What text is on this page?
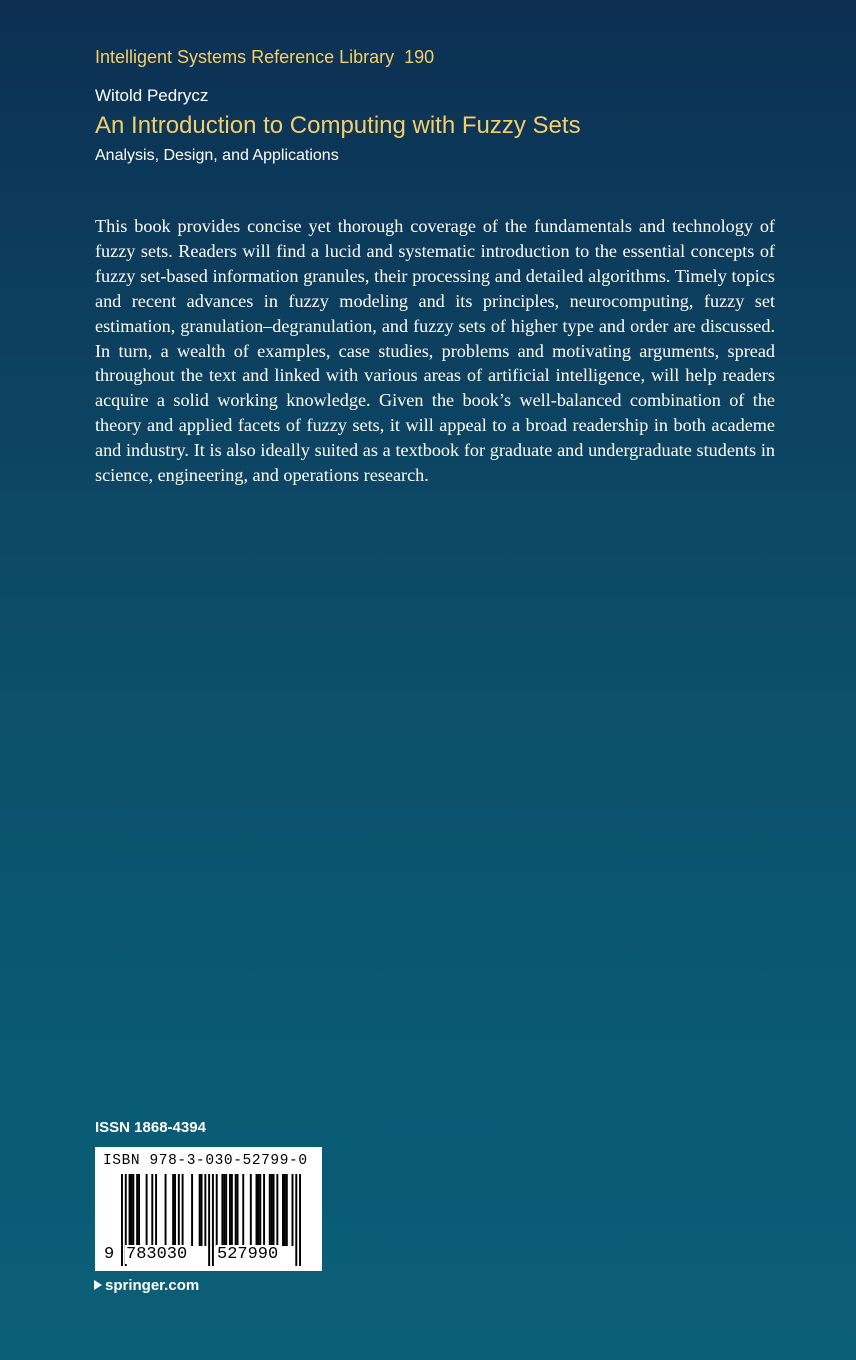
Intelligent Systems Reference Library 190
Witold Pedrycz
An Introduction to Computing with Fuzzy Sets
Analysis, Design, and Applications

This book provides concise yet thorough coverage of the fundamentals and technology of fuzzy sets. Readers will find a lucid and systematic introduction to the essential concepts of fuzzy set-based information granules, their processing and detailed algorithms. Timely topics and recent advances in fuzzy modeling and its principles, neurocomputing, fuzzy set estimation, granulation–degranulation, and fuzzy sets of higher type and order are discussed. In turn, a wealth of examples, case studies, problems and motivating arguments, spread throughout the text and linked with various areas of artificial intelligence, will help readers acquire a solid working knowledge. Given the book’s well-balanced combination of the theory and applied facets of fuzzy sets, it will appeal to a broad readership in both academe and industry. It is also ideally suited as a textbook for graduate and undergraduate students in science, engineering, and operations research.

ISSN 1868-4394
ISBN 978-3-030-52799-0
9 783030 527990
springer.com
